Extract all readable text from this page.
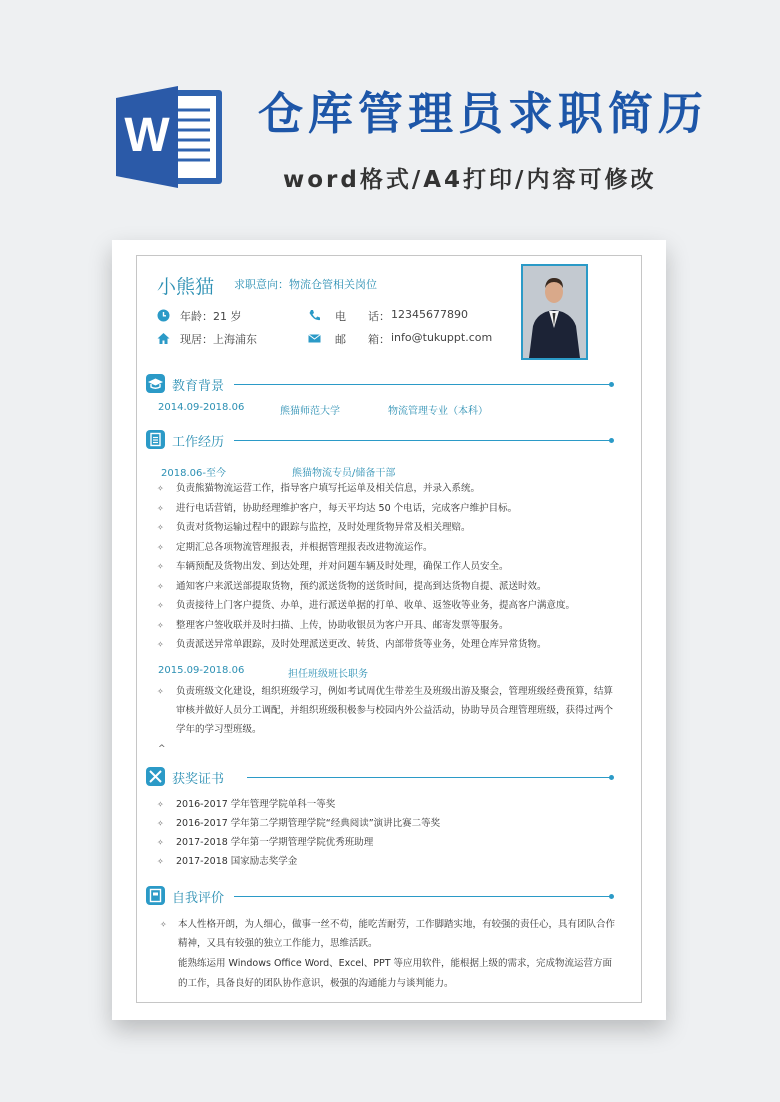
W 仓库管理员求职简历
word格式/A4打印/内容可修改
小熊猫 求职意向：物流仓管相关岗位
年龄：21 岁	电　　话： 12345677890
现居：上海浦东	邮　　箱： info@tukuppt.com
教育背景
2014.09-2018.06	熊猫师范大学	物流管理专业（本科）
工作经历
2018.06-至今	熊猫物流专员/储备干部
✧ 负责熊猫物流运营工作，指导客户填写托运单及相关信息，并录入系统。
✧ 进行电话营销，协助经理维护客户，每天平均达 50 个电话，完成客户维护目标。
✧ 负责对货物运输过程中的跟踪与监控，及时处理货物异常及相关理赔。
✧ 定期汇总各项物流管理报表，并根据管理报表改进物流运作。
✧ 车辆预配及货物出发、到达处理，并对问题车辆及时处理，确保工作人员安全。
✧ 通知客户来派送部提取货物，预约派送货物的送货时间，提高到达货物自提、派送时效。
✧ 负责接待上门客户提货、办单，进行派送单据的打单、收单、返签收等业务，提高客户满意度。
✧ 整理客户签收联并及时扫描、上传，协助收银员为客户开具、邮寄发票等服务。
✧ 负责派送异常单跟踪，及时处理派送更改、转货、内部带货等业务，处理仓库异常货物。
2015.09-2018.06	担任班级班长职务
✧ 负责班级文化建设，组织班级学习，例如考试周优生带差生及班级出游及聚会，管理班级经费预算，结算
审核并做好人员分工调配，并组织班级积极参与校园内外公益活动，协助导员合理管理班级，获得过两个
学年的学习型班级。
^
获奖证书
✧ 2016-2017 学年管理学院单科一等奖
✧ 2016-2017 学年第二学期管理学院“经典阅读”演讲比赛二等奖
✧ 2017-2018 学年第一学期管理学院优秀班助理
✧ 2017-2018 国家励志奖学金
自我评价
✧ 本人性格开朗，为人细心，做事一丝不苟，能吃苦耐劳，工作脚踏实地，有较强的责任心，具有团队合作
精神，又具有较强的独立工作能力，思维活跃。
能熟练运用 Windows Office Word、Excel、PPT 等应用软件，能根据上级的需求，完成物流运营方面
的工作，具备良好的团队协作意识，极强的沟通能力与谈判能力。
